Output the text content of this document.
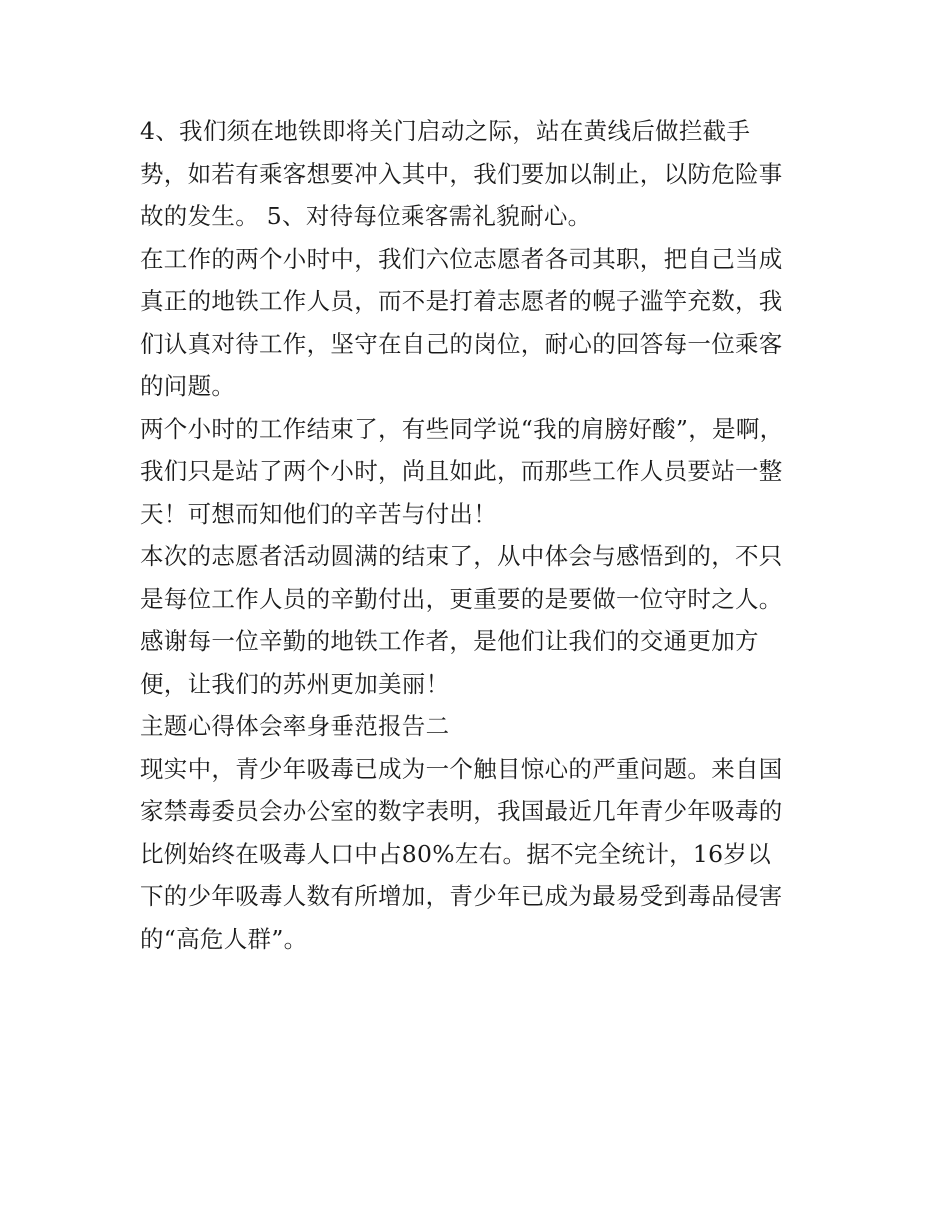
4、我们须在地铁即将关门启动之际，站在黄线后做拦截手
势，如若有乘客想要冲入其中，我们要加以制止，以防危险事
故的发生。 5、对待每位乘客需礼貌耐心。
在工作的两个小时中，我们六位志愿者各司其职，把自己当成
真正的地铁工作人员，而不是打着志愿者的幌子滥竽充数，我
们认真对待工作，坚守在自己的岗位，耐心的回答每一位乘客
的问题。
两个小时的工作结束了，有些同学说“我的肩膀好酸”，是啊，
我们只是站了两个小时，尚且如此，而那些工作人员要站一整
天！可想而知他们的辛苦与付出！
本次的志愿者活动圆满的结束了，从中体会与感悟到的，不只
是每位工作人员的辛勤付出，更重要的是要做一位守时之人。
感谢每一位辛勤的地铁工作者，是他们让我们的交通更加方
便，让我们的苏州更加美丽！
主题心得体会率身垂范报告二
现实中，青少年吸毒已成为一个触目惊心的严重问题。来自国
家禁毒委员会办公室的数字表明，我国最近几年青少年吸毒的
比例始终在吸毒人口中占80%左右。据不完全统计，16岁以
下的少年吸毒人数有所增加，青少年已成为最易受到毒品侵害
的“高危人群”。
